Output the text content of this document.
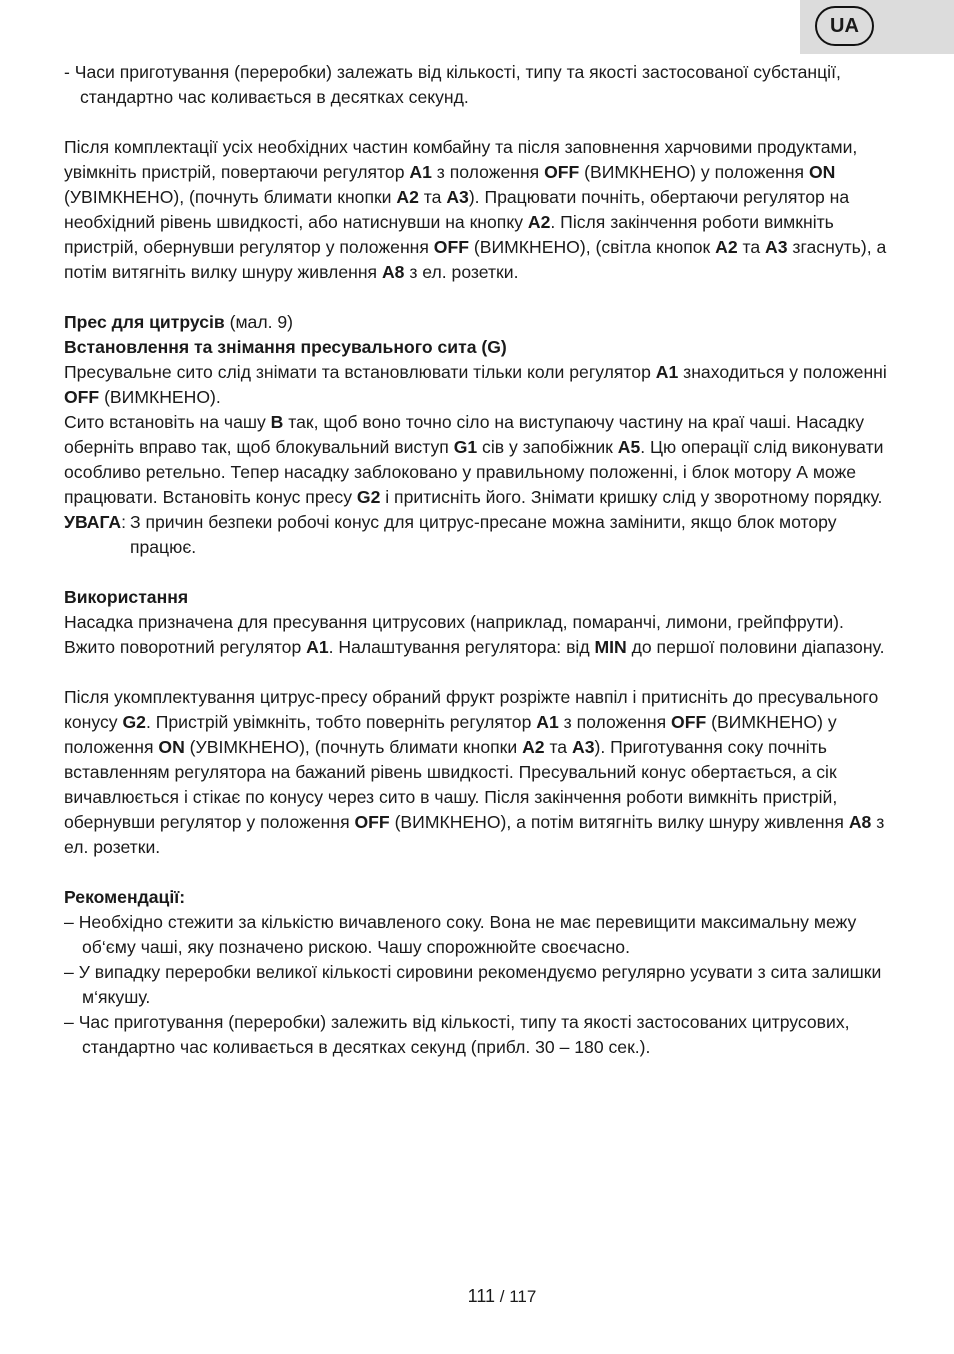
UA

- Часи приготування (переробки) залежать від кількості, типу та якості застосованої субстанції, стандартно час коливається в десятках секунд.

Після комплектації усіх необхідних частин комбайну та після заповнення харчовими продуктами, увімкніть пристрій, повертаючи регулятор A1 з положення OFF (ВИМКНЕНО) у положення ON (УВІМКНЕНО), (почнуть блимати кнопки A2 та A3). Працювати почніть, обертаючи регулятор на необхідний рівень швидкості, або натиснувши на кнопку A2. Після закінчення роботи вимкніть пристрій, обернувши регулятор у положення OFF (ВИМКНЕНО), (світла кнопок A2 та A3 згаснуть), а потім витягніть вилку шнуру живлення A8 з ел. розетки.

Прес для цитрусів (мал. 9)

Встановлення та знімання пресувального сита (G)

Пресувальне сито слід знімати та встановлювати тільки коли регулятор A1 знаходиться у положенні OFF (ВИМКНЕНО).

Сито встановіть на чашу B так, щоб воно точно сіло на виступаючу частину на краї чаші. Насадку оберніть вправо так, щоб блокувальний виступ G1 сів у запобіжник A5. Цю операції слід виконувати особливо ретельно. Тепер насадку заблоковано у правильному положенні, і блок мотору А може працювати. Встановіть конус пресу G2 і притисніть його. Знімати кришку слід у зворотному порядку.

УВАГА: З причин безпеки робочі конус для цитрус-пресане можна замінити, якщо блок мотору працює.

Використання

Насадка призначена для пресування цитрусових (наприклад, помаранчі, лимони, грейпфрути).

Вжито поворотний регулятор A1. Налаштування регулятора: від MIN до першої половини діапазону.

Після укомплектування цитрус-пресу обраний фрукт розріжте навпіл і притисніть до пресувального конусу G2. Пристрій увімкніть, тобто поверніть регулятор A1 з положення OFF (ВИМКНЕНО) у положення ON (УВІМКНЕНО), (почнуть блимати кнопки A2 та A3). Приготування соку почніть вставленням регулятора на бажаний рівень швидкості. Пресувальний конус обертається, а сік вичавлюється і стікає по конусу через сито в чашу. Після закінчення роботи вимкніть пристрій, обернувши регулятор у положення OFF (ВИМКНЕНО), а потім витягніть вилку шнуру живлення A8 з ел. розетки.

Рекомендації:

– Необхідно стежити за кількістю вичавленого соку. Вона не має перевищити максимальну межу об‘єму чаші, яку позначено рискою. Чашу спорожнюйте своєчасно.

– У випадку переробки великої кількості сировини рекомендуємо регулярно усувати з сита залишки м‘якушу.

– Час приготування (переробки) залежить від кількості, типу та якості застосованих цитрусових, стандартно час коливається в десятках секунд (прибл. 30 – 180 сек.).

111 / 117
